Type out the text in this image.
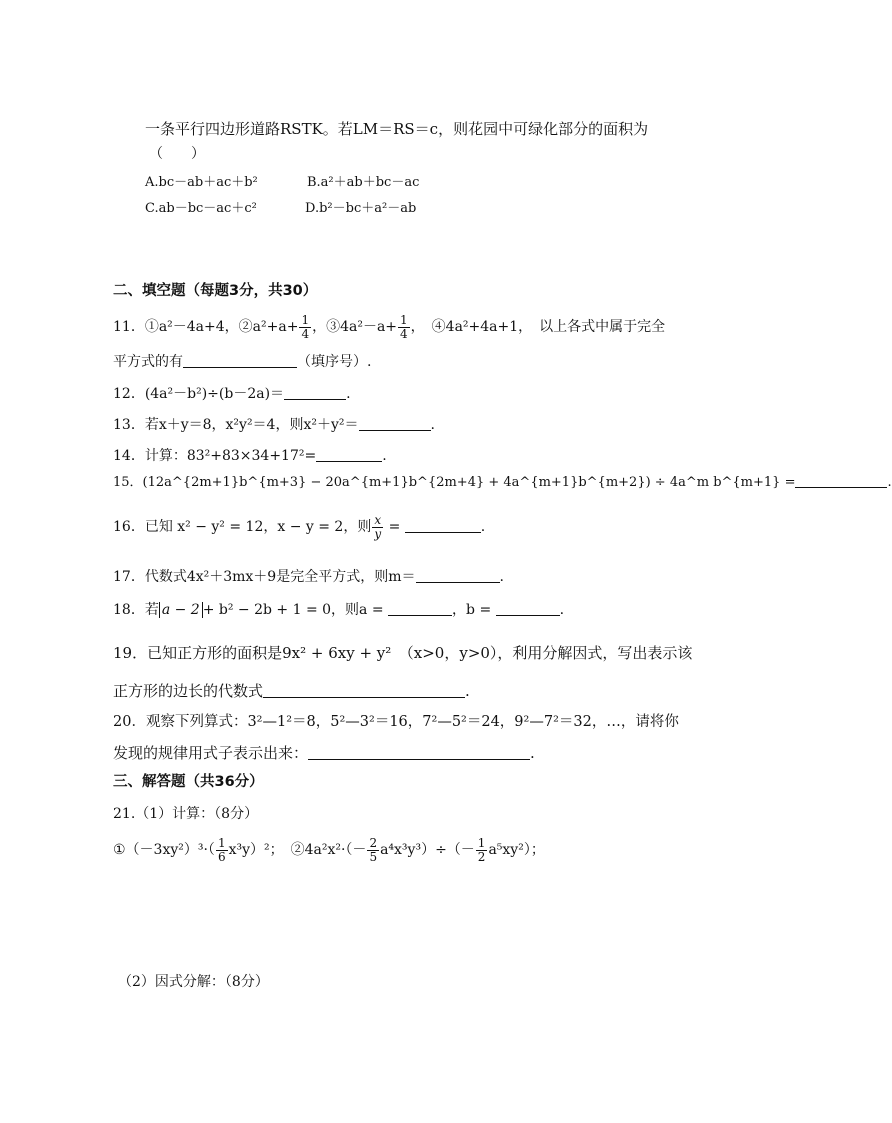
一条平行四边形道路RSTK。若LM＝RS＝c，则花园中可绿化部分的面积为
（　　）
A.bc－ab＋ac＋b²	B.a²＋ab＋bc－ac
C.ab－bc－ac＋c²	D.b²－bc＋a²－ab
二、填空题（每题3分，共30）
11．①a²－4a+4，②a²+a+ $\frac{1}{4}$ ，③4a²－a+ $\frac{1}{4}$ ，　④4a²+4a+1，　以上各式中属于完全
平方式的有	（填序号）.
12．(4a²－b²)÷(b－2a)＝	.
13．若x＋y＝8，x²y²＝4，则x²＋y²＝	.
14．计算：83²+83×34+17²=	.
15．(12a^{2m+1}b^{m+3} − 20a^{m+1}b^{2m+4} + 4a^{m+1}b^{m+2}) ÷ 4a^m b^{m+1} =	.
16．已知 x² − y² = 12，x − y = 2，则 $\frac{x}{y}$ =	.
17．代数式4x²＋3mx＋9是完全平方式，则m＝	.
18．若 a − 2 + b² − 2b + 1 = 0，则a =	，b =	.
19．已知正方形的面积是9x² + 6xy + y²　（x>0，y>0），利用分解因式，写出表示该
正方形的边长的代数式	.
20．观察下列算式：3²—1²＝8，5²—3²＝16，7²—5²＝24，9²—7²＝32，…，请将你
发现的规律用式子表示出来：	.
三、解答题（共36分）
21.（1）计算：（8分）
①（－3xy²）³·（ $\frac{1}{6} x^3y)^2$；　②4a²x²·（－ $\frac{2}{5} a^4x^3y^3)\div(- \frac{1}{2} a^5xy^2)$；
（2）因式分解：（8分）
